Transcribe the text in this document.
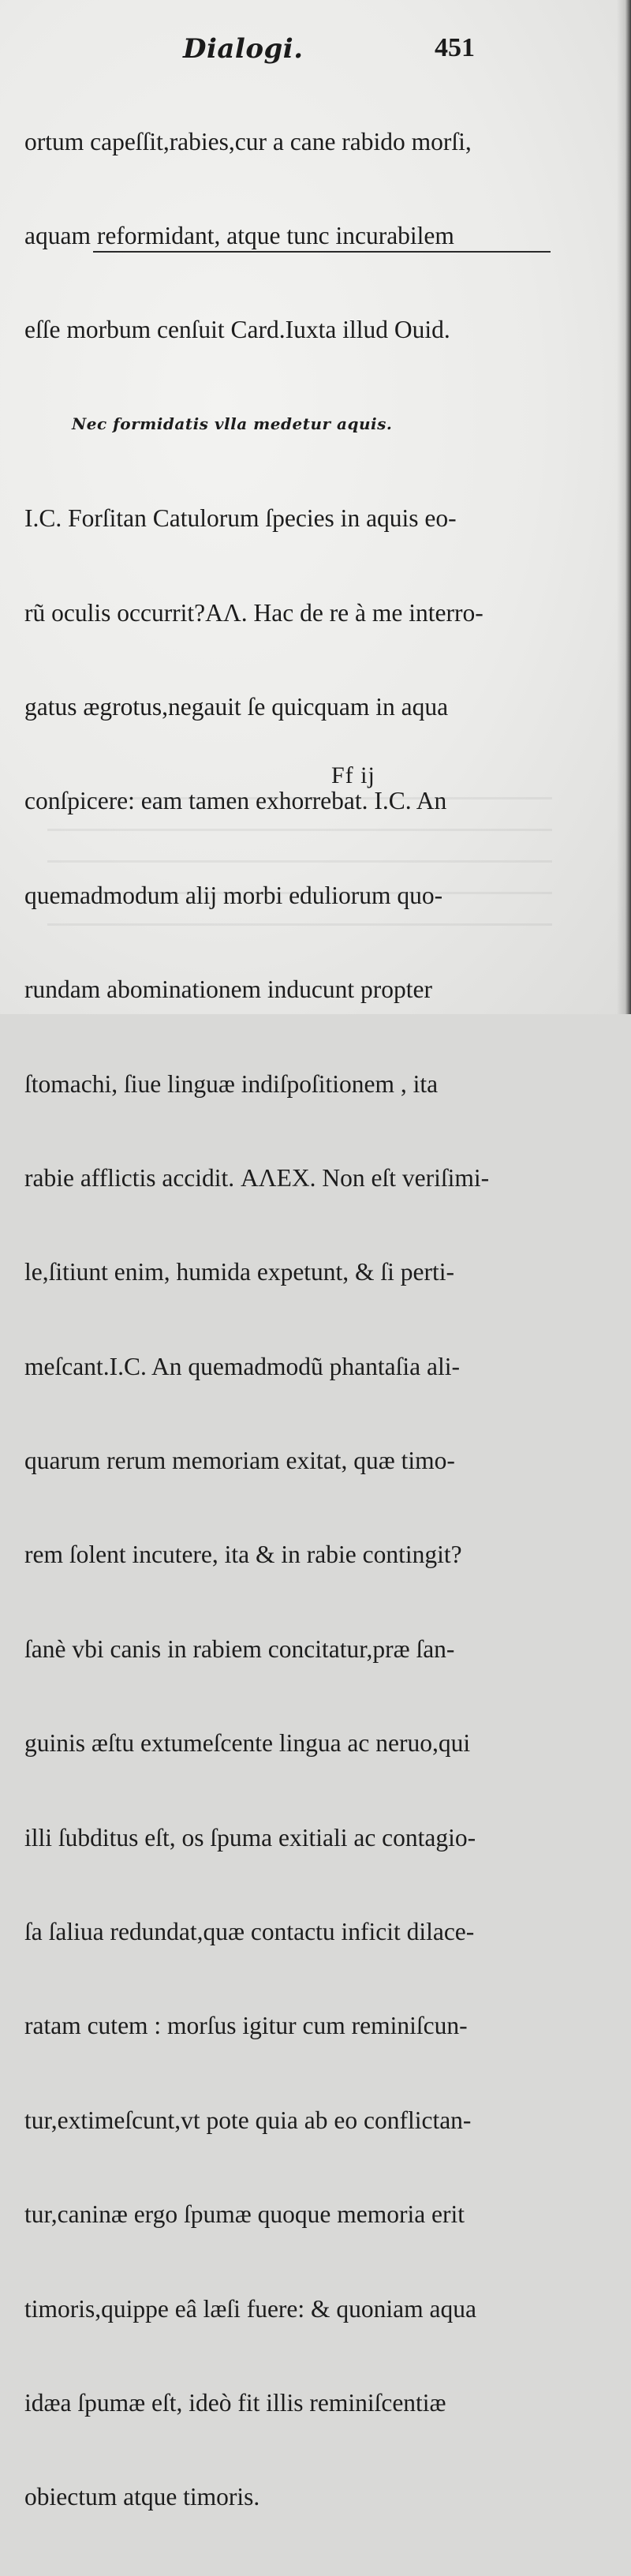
Dialogi.	451

ortum capeſſit,rabies,cur a cane rabido morſi,

aquam reformidant, atque tunc incurabilem

eſſe morbum cenſuit Card.Iuxta illud Ouid.

Nec formidatis vlla medetur aquis.

I.C. Forſitan Catulorum ſpecies in aquis eo-

rũ oculis occurrit?ΑΛ. Hac de re à me interro-

gatus ægrotus,negauit ſe quicquam in aqua

conſpicere: eam tamen exhorrebat. I.C. An

quemadmodum alij morbi eduliorum quo-

rundam abominationem inducunt propter

ſtomachi, ſiue linguæ indiſpoſitionem , ita

rabie afflictis accidit. ΑΛΕΧ. Non eſt veriſimi-

le,ſitiunt enim, humida expetunt, & ſi perti-

meſcant.I.C. An quemadmodũ phantaſia ali-

quarum rerum memoriam exitat, quæ timo-

rem ſolent incutere, ita & in rabie contingit?

ſanè vbi canis in rabiem concitatur,præ ſan-

guinis æſtu extumeſcente lingua ac neruo,qui

illi ſubditus eſt, os ſpuma exitiali ac contagio-

ſa ſaliua redundat,quæ contactu inficit dilace-

ratam cutem : morſus igitur cum reminiſcun-

tur,extimeſcunt,vt pote quia ab eo conflictan-

tur,caninæ ergo ſpumæ quoque memoria erit

timoris,quippe eâ læſi fuere: & quoniam aqua

idæa ſpumæ eſt, ideò fit illis reminiſcentiæ

obiectum atque timoris.

Ff ij
